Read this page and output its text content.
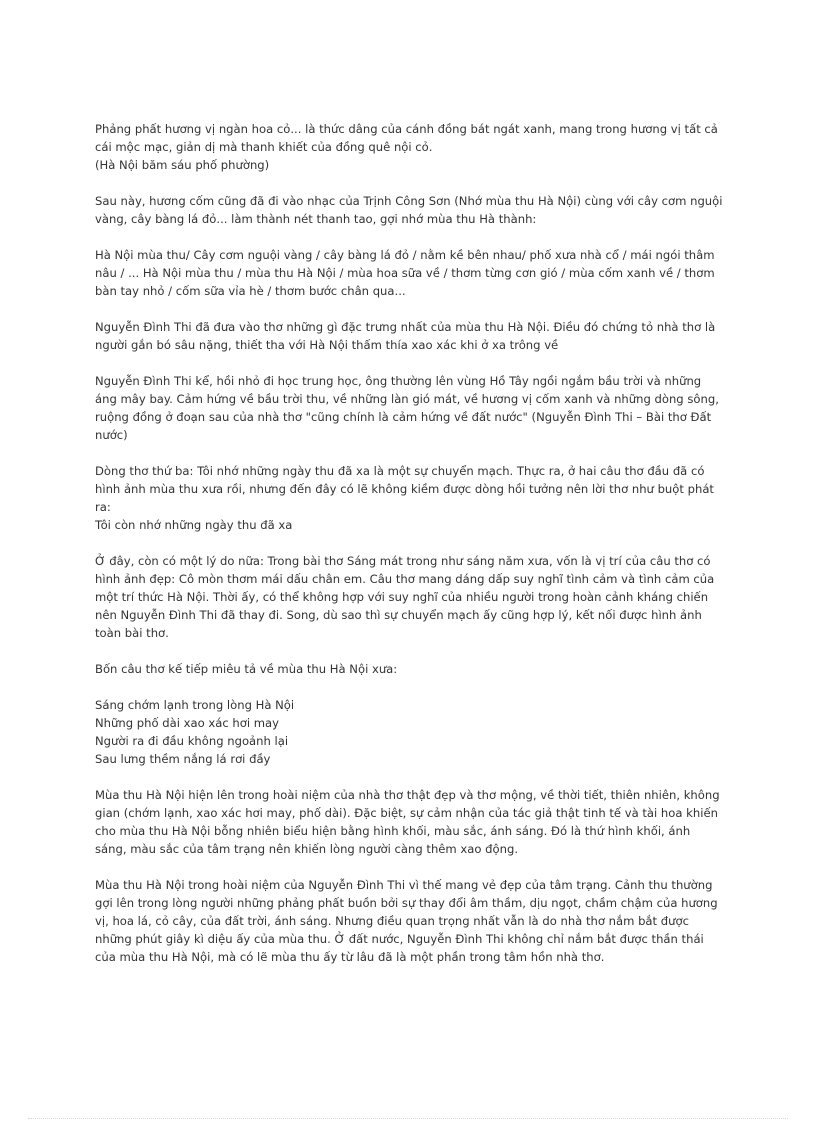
Phảng phất hương vị ngàn hoa cỏ... là thức dâng của cánh đồng bát ngát xanh, mang trong hương vị tất cả cái mộc mạc, giản dị mà thanh khiết của đồng quê nội cỏ.
(Hà Nội băm sáu phố phường)

Sau này, hương cốm cũng đã đi vào nhạc của Trịnh Công Sơn (Nhớ mùa thu Hà Nội) cùng với cây cơm nguội vàng, cây bàng lá đỏ... làm thành nét thanh tao, gợi nhớ mùa thu Hà thành:

Hà Nội mùa thu/ Cây cơm nguội vàng / cây bàng lá đỏ / nằm kề bên nhau/ phố xưa nhà cổ / mái ngói thâm nâu / ... Hà Nội mùa thu / mùa thu Hà Nội / mùa hoa sữa về / thơm từng cơn gió / mùa cốm xanh về / thơm bàn tay nhỏ / cốm sữa vỉa hè / thơm bước chân qua...

Nguyễn Đình Thi đã đưa vào thơ những gì đặc trưng nhất của mùa thu Hà Nội. Điều đó chứng tỏ nhà thơ là người gắn bó sâu nặng, thiết tha với Hà Nội thấm thía xao xác khi ở xa trông về

Nguyễn Đình Thi kể, hồi nhỏ đi học trung học, ông thường lên vùng Hồ Tây ngồi ngắm bầu trời và những áng mây bay. Cảm hứng về bầu trời thu, về những làn gió mát, về hương vị cốm xanh và những dòng sông, ruộng đồng ở đoạn sau của nhà thơ "cũng chính là cảm hứng về đất nước" (Nguyễn Đình Thi – Bài thơ Đất nước)

Dòng thơ thứ ba: Tôi nhớ những ngày thu đã xa là một sự chuyển mạch. Thực ra, ở hai câu thơ đầu đã có hình ảnh mùa thu xưa rồi, nhưng đến đây có lẽ không kiềm được dòng hồi tưởng nên lời thơ như buột phát ra:
Tôi còn nhớ những ngày thu đã xa

Ở đây, còn có một lý do nữa: Trong bài thơ Sáng mát trong như sáng năm xưa, vốn là vị trí của câu thơ có hình ảnh đẹp: Cô mòn thơm mái dấu chân em. Câu thơ mang dáng dấp suy nghĩ tình cảm và tình cảm của một trí thức Hà Nội. Thời ấy, có thể không hợp với suy nghĩ của nhiều người trong hoàn cảnh kháng chiến nên Nguyễn Đình Thi đã thay đi. Song, dù sao thì sự chuyển mạch ấy cũng hợp lý, kết nối được hình ảnh toàn bài thơ.

Bốn câu thơ kế tiếp miêu tả về mùa thu Hà Nội xưa:

Sáng chớm lạnh trong lòng Hà Nội
Những phố dài xao xác hơi may
Người ra đi đầu không ngoảnh lại
Sau lưng thềm nắng lá rơi đầy

Mùa thu Hà Nội hiện lên trong hoài niệm của nhà thơ thật đẹp và thơ mộng, về thời tiết, thiên nhiên, không gian (chớm lạnh, xao xác hơi may, phố dài). Đặc biệt, sự cảm nhận của tác giả thật tinh tế và tài hoa khiến cho mùa thu Hà Nội bỗng nhiên biểu hiện bằng hình khối, màu sắc, ánh sáng. Đó là thứ hình khối, ánh sáng, màu sắc của tâm trạng nên khiến lòng người càng thêm xao động.

Mùa thu Hà Nội trong hoài niệm của Nguyễn Đình Thi vì thế mang vẻ đẹp của tâm trạng. Cảnh thu thường gợi lên trong lòng người những phảng phất buồn bởi sự thay đổi âm thầm, dịu ngọt, chầm chậm của hương vị, hoa lá, cỏ cây, của đất trời, ánh sáng. Nhưng điều quan trọng nhất vẫn là do nhà thơ nắm bắt được những phút giây kì diệu ấy của mùa thu. Ở đất nước, Nguyễn Đình Thi không chỉ nắm bắt được thần thái của mùa thu Hà Nội, mà có lẽ mùa thu ấy từ lâu đã là một phần trong tâm hồn nhà thơ.
